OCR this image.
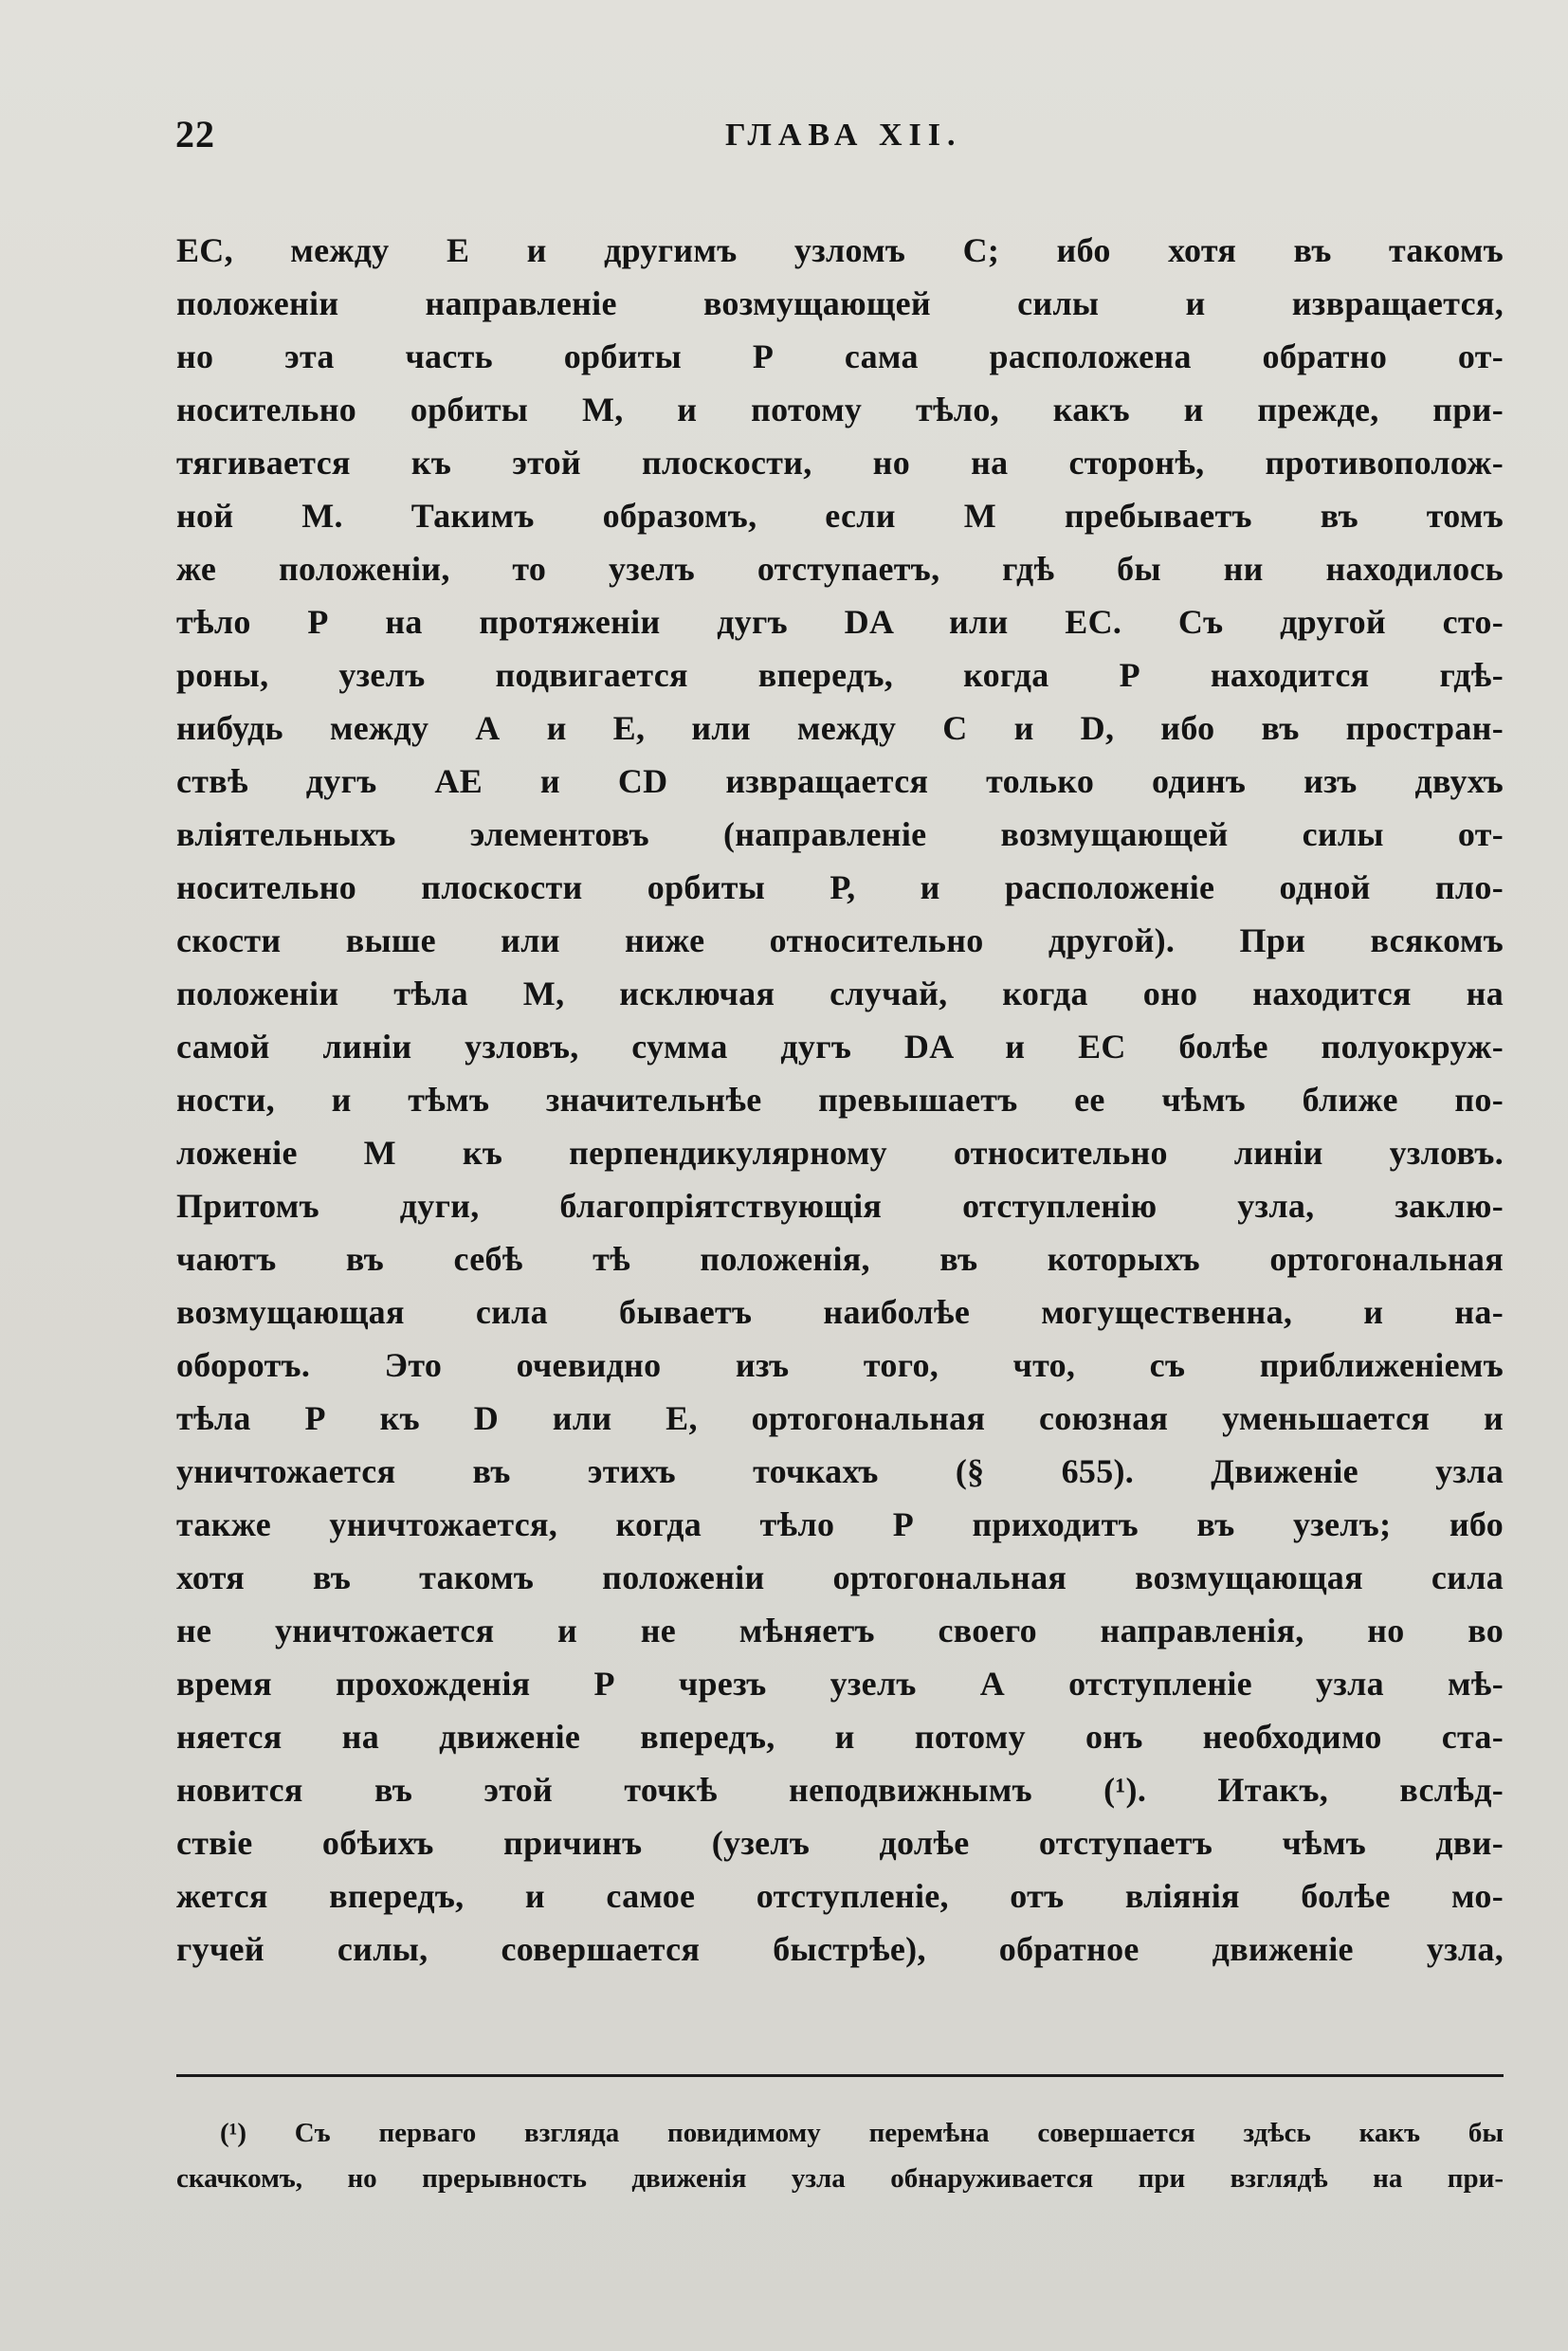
22	ГЛАВА XII.
ЕС, между Е и другимъ узломъ С; ибо хотя въ такомъ
положеніи направленіе возмущающей силы и извращается,
но эта часть орбиты Р сама расположена обратно от-
носительно орбиты М, и потому тѣло, какъ и прежде, при-
тягивается къ этой плоскости, но на сторонѣ, противополож-
ной М. Такимъ образомъ, если М пребываетъ въ томъ
же положеніи, то узелъ отступаетъ, гдѣ бы ни находилось
тѣло Р на протяженіи дугъ DA или ЕС. Съ другой сто-
роны, узелъ подвигается впередъ, когда Р находится гдѣ-
нибудь между А и Е, или между С и D, ибо въ простран-
ствѣ дугъ АЕ и CD извращается только одинъ изъ двухъ
вліятельныхъ элементовъ (направленіе возмущающей силы от-
носительно плоскости орбиты Р, и расположеніе одной пло-
скости выше или ниже относительно другой). При всякомъ
положеніи тѣла М, исключая случай, когда оно находится на
самой линіи узловъ, сумма дугъ DA и ЕС болѣе полуокруж-
ности, и тѣмъ значительнѣе превышаетъ ее чѣмъ ближе по-
ложеніе М къ перпендикулярному относительно линіи узловъ.
Притомъ дуги, благопріятствующія отступленію узла, заклю-
чаютъ въ себѣ тѣ положенія, въ которыхъ ортогональная
возмущающая сила бываетъ наиболѣе могущественна, и на-
оборотъ. Это очевидно изъ того, что, съ приближеніемъ
тѣла Р къ D или Е, ортогональная союзная уменьшается и
уничтожается въ этихъ точкахъ (§ 655). Движеніе узла
также уничтожается, когда тѣло Р приходитъ въ узелъ; ибо
хотя въ такомъ положеніи ортогональная возмущающая сила
не уничтожается и не мѣняетъ своего направленія, но во
время прохожденія Р чрезъ узелъ А отступленіе узла мѣ-
няется на движеніе впередъ, и потому онъ необходимо ста-
новится въ этой точкѣ неподвижнымъ (¹). Итакъ, вслѣд-
ствіе обѣихъ причинъ (узелъ долѣе отступаетъ чѣмъ дви-
жется впередъ, и самое отступленіе, отъ вліянія болѣе мо-
гучей силы, совершается быстрѣе), обратное движеніе узла,
(¹) Съ перваго взгляда повидимому перемѣна совершается здѣсь какъ бы
скачкомъ, но прерывность движенія узла обнаруживается при взглядѣ на при-
